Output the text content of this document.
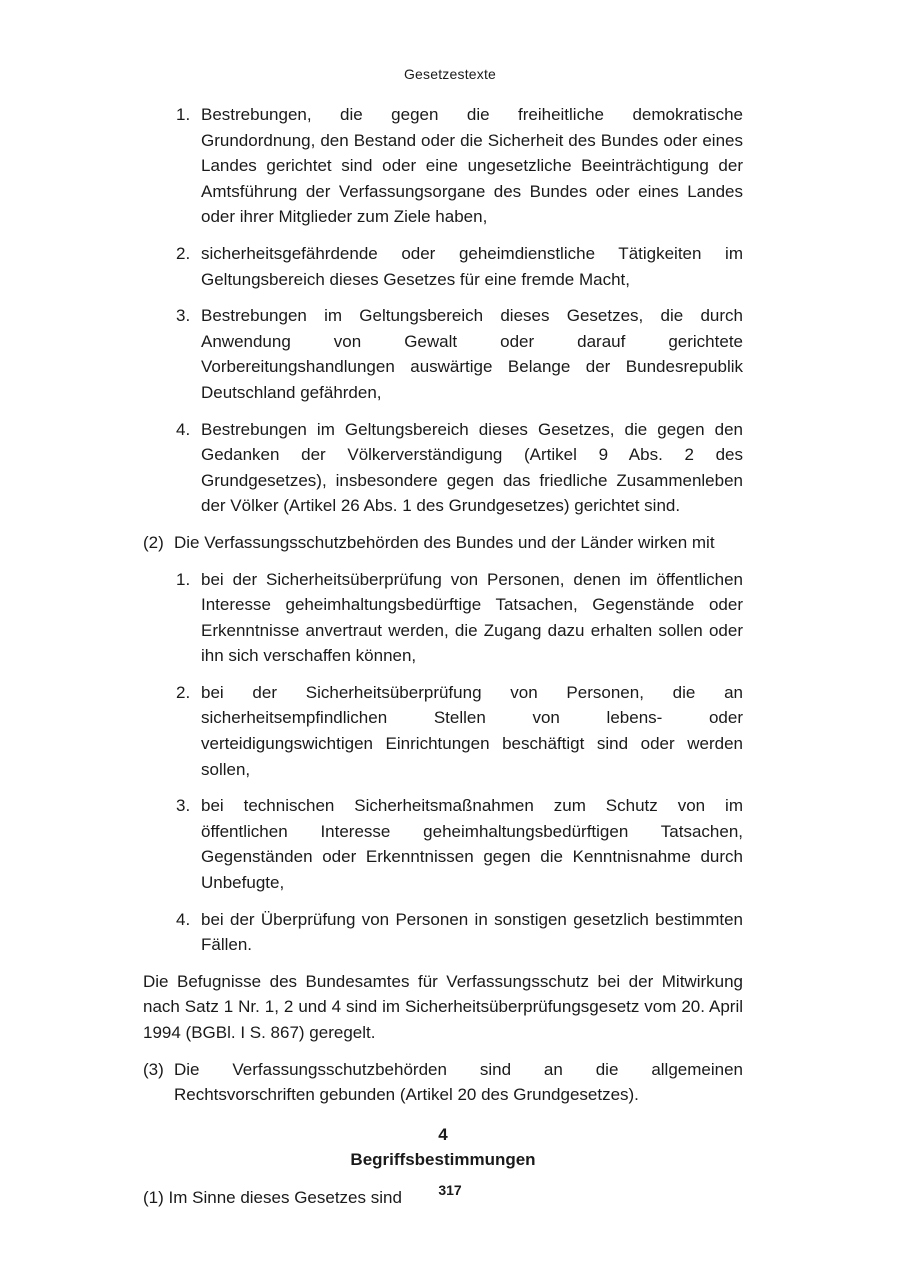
Gesetzestexte
1. Bestrebungen, die gegen die freiheitliche demokratische Grundordnung, den Bestand oder die Sicherheit des Bundes oder eines Landes gerichtet sind oder eine ungesetzliche Beeinträchtigung der Amtsführung der Verfassungsorgane des Bundes oder eines Landes oder ihrer Mitglieder zum Ziele haben,
2. sicherheitsgefährdende oder geheimdienstliche Tätigkeiten im Geltungsbereich dieses Gesetzes für eine fremde Macht,
3. Bestrebungen im Geltungsbereich dieses Gesetzes, die durch Anwendung von Gewalt oder darauf gerichtete Vorbereitungshandlungen auswärtige Belange der Bundesrepublik Deutschland gefährden,
4. Bestrebungen im Geltungsbereich dieses Gesetzes, die gegen den Gedanken der Völkerverständigung (Artikel 9 Abs. 2 des Grundgesetzes), insbesondere gegen das friedliche Zusammenleben der Völker (Artikel 26 Abs. 1 des Grundgesetzes) gerichtet sind.
(2) Die Verfassungsschutzbehörden des Bundes und der Länder wirken mit
1. bei der Sicherheitsüberprüfung von Personen, denen im öffentlichen Interesse geheimhaltungsbedürftige Tatsachen, Gegenstände oder Erkenntnisse anvertraut werden, die Zugang dazu erhalten sollen oder ihn sich verschaffen können,
2. bei der Sicherheitsüberprüfung von Personen, die an sicherheitsempfindlichen Stellen von lebens- oder verteidigungswichtigen Einrichtungen beschäftigt sind oder werden sollen,
3. bei technischen Sicherheitsmaßnahmen zum Schutz von im öffentlichen Interesse geheimhaltungsbedürftigen Tatsachen, Gegenständen oder Erkenntnissen gegen die Kenntnisnahme durch Unbefugte,
4. bei der Überprüfung von Personen in sonstigen gesetzlich bestimmten Fällen.
Die Befugnisse des Bundesamtes für Verfassungsschutz bei der Mitwirkung nach Satz 1 Nr. 1, 2 und 4 sind im Sicherheitsüberprüfungsgesetz vom 20. April 1994 (BGBl. I S. 867) geregelt.
(3) Die Verfassungsschutzbehörden sind an die allgemeinen Rechtsvorschriften gebunden (Artikel 20 des Grundgesetzes).
4
Begriffsbestimmungen
(1) Im Sinne dieses Gesetzes sind	317
